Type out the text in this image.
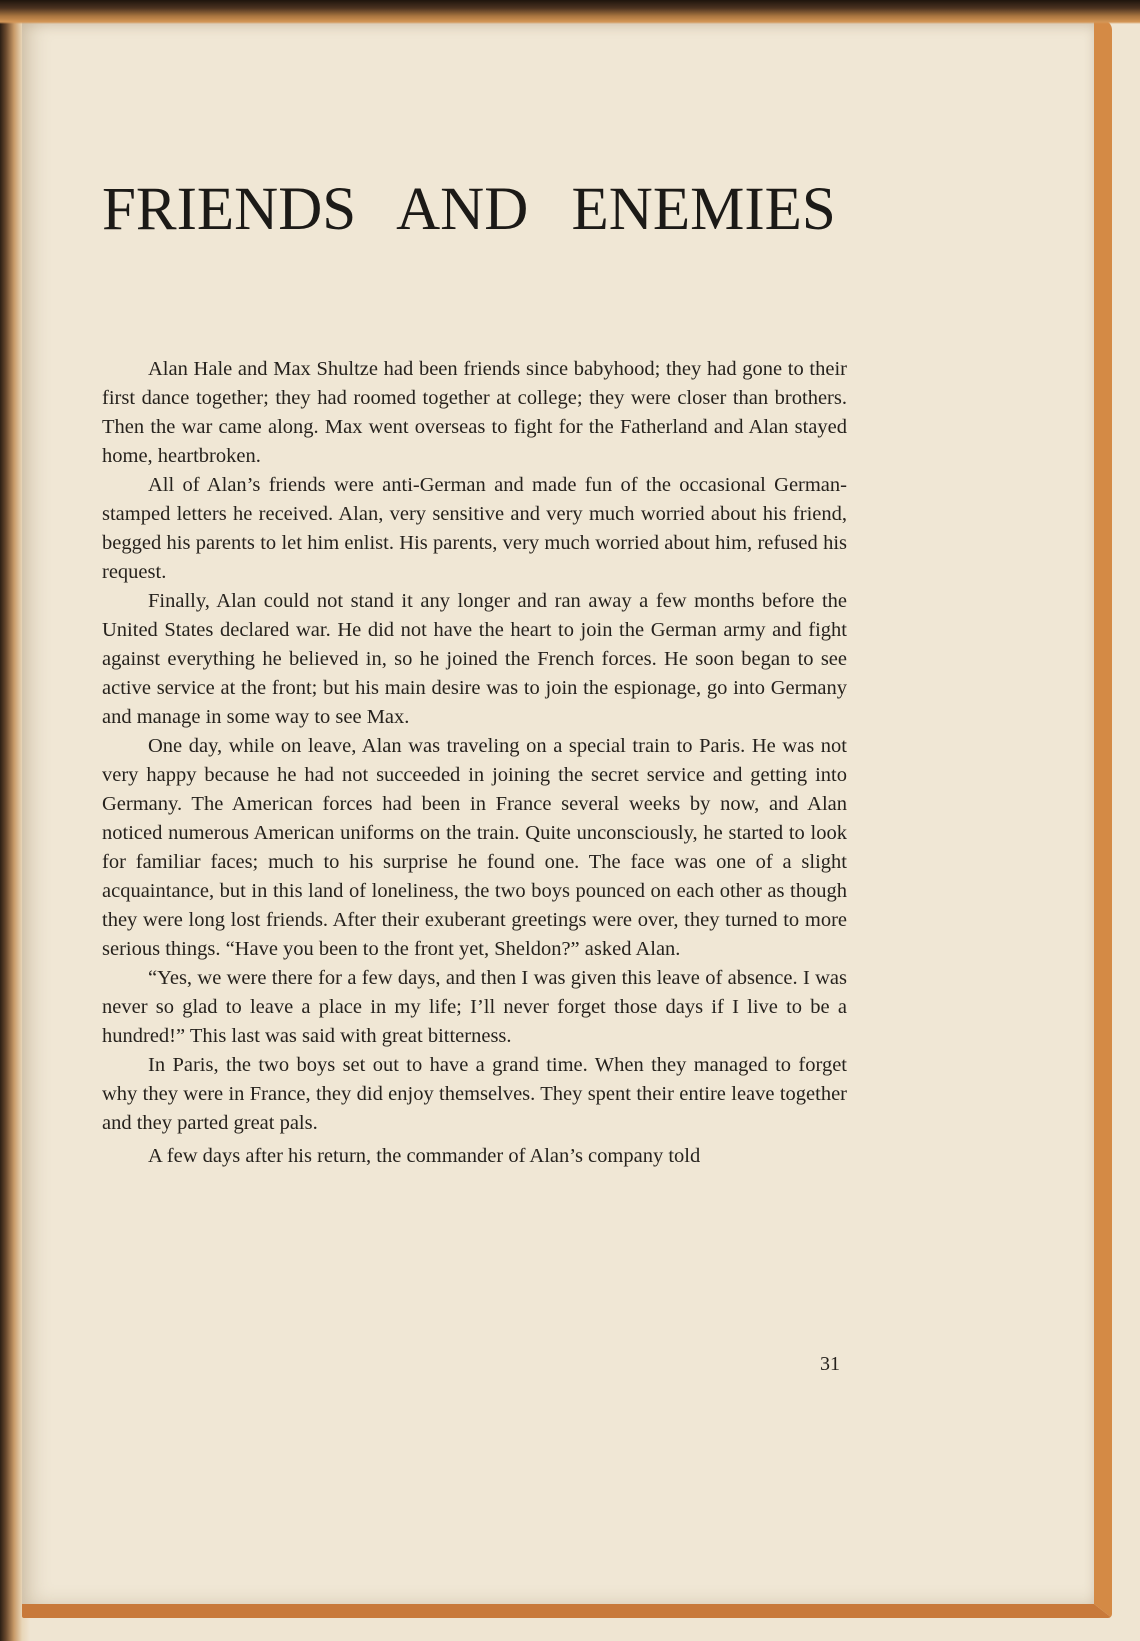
FRIENDS AND ENEMIES

Alan Hale and Max Shultze had been friends since babyhood; they had gone to their first dance together; they had roomed together at college; they were closer than brothers. Then the war came along. Max went overseas to fight for the Fatherland and Alan stayed home, heartbroken.

All of Alan’s friends were anti-German and made fun of the occasional German-stamped letters he received. Alan, very sensitive and very much worried about his friend, begged his parents to let him enlist. His parents, very much worried about him, refused his request.

Finally, Alan could not stand it any longer and ran away a few months before the United States declared war. He did not have the heart to join the German army and fight against everything he believed in, so he joined the French forces. He soon began to see active service at the front; but his main desire was to join the espionage, go into Germany and manage in some way to see Max.

One day, while on leave, Alan was traveling on a special train to Paris. He was not very happy because he had not succeeded in joining the secret service and getting into Germany. The American forces had been in France several weeks by now, and Alan noticed numerous American uniforms on the train. Quite unconsciously, he started to look for familiar faces; much to his surprise he found one. The face was one of a slight acquaintance, but in this land of loneliness, the two boys pounced on each other as though they were long lost friends. After their exuberant greetings were over, they turned to more serious things. “Have you been to the front yet, Sheldon?” asked Alan.

“Yes, we were there for a few days, and then I was given this leave of absence. I was never so glad to leave a place in my life; I’ll never forget those days if I live to be a hundred!” This last was said with great bitterness.

In Paris, the two boys set out to have a grand time. When they managed to forget why they were in France, they did enjoy themselves. They spent their entire leave together and they parted great pals.

A few days after his return, the commander of Alan’s company told

31
